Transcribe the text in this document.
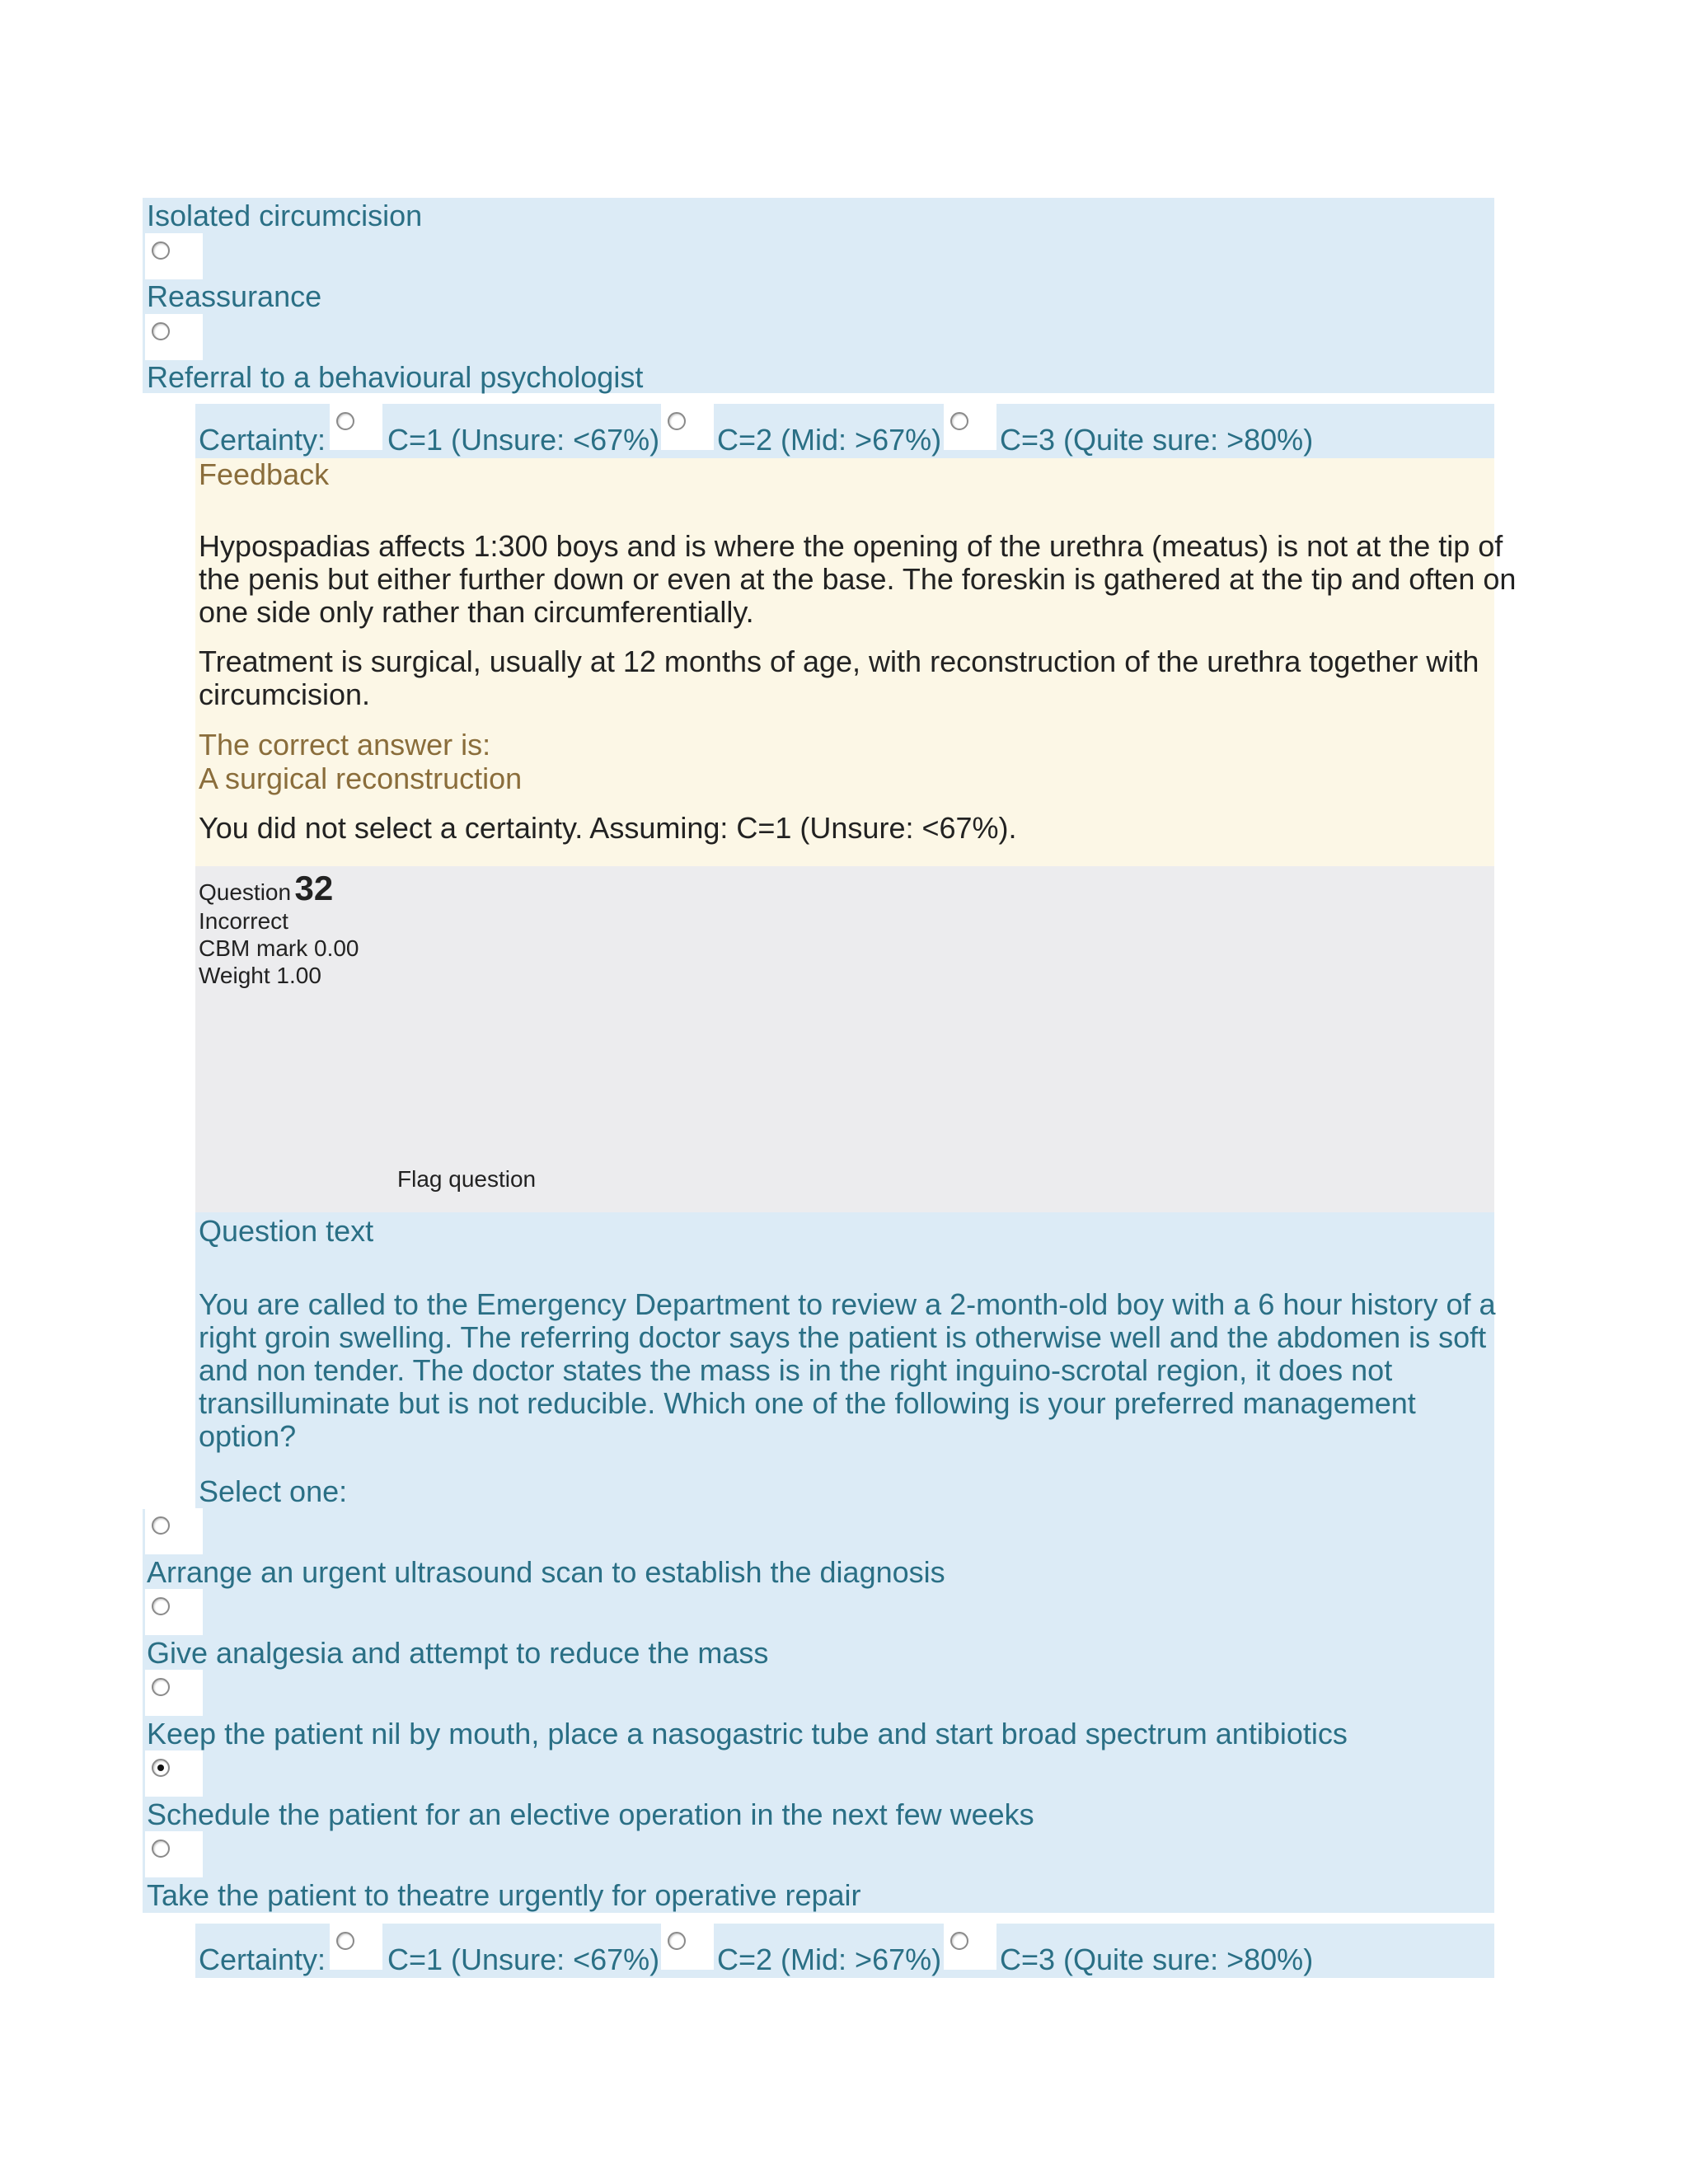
Isolated circumcision
Reassurance
Referral to a behavioural psychologist
Certainty: C=1 (Unsure: <67%) C=2 (Mid: >67%) C=3 (Quite sure: >80%)
Feedback

Hypospadias affects 1:300 boys and is where the opening of the urethra (meatus) is not at the tip of

the penis but either further down or even at the base. The foreskin is gathered at the tip and often on

one side only rather than circumferentially.

Treatment is surgical, usually at 12 months of age, with reconstruction of the urethra together with

circumcision.

The correct answer is:
A surgical reconstruction
You did not select a certainty. Assuming: C=1 (Unsure: <67%).
Question 32
Incorrect
CBM mark 0.00
Weight 1.00
Flag question
Question text

You are called to the Emergency Department to review a 2-month-old boy with a 6 hour history of a

right groin swelling. The referring doctor says the patient is otherwise well and the abdomen is soft

and non tender. The doctor states the mass is in the right inguino-scrotal region, it does not

transilluminate but is not reducible. Which one of the following is your preferred management

option?

Select one:
Arrange an urgent ultrasound scan to establish the diagnosis
Give analgesia and attempt to reduce the mass
Keep the patient nil by mouth, place a nasogastric tube and start broad spectrum antibiotics
Schedule the patient for an elective operation in the next few weeks
Take the patient to theatre urgently for operative repair
Certainty: C=1 (Unsure: <67%) C=2 (Mid: >67%) C=3 (Quite sure: >80%)
